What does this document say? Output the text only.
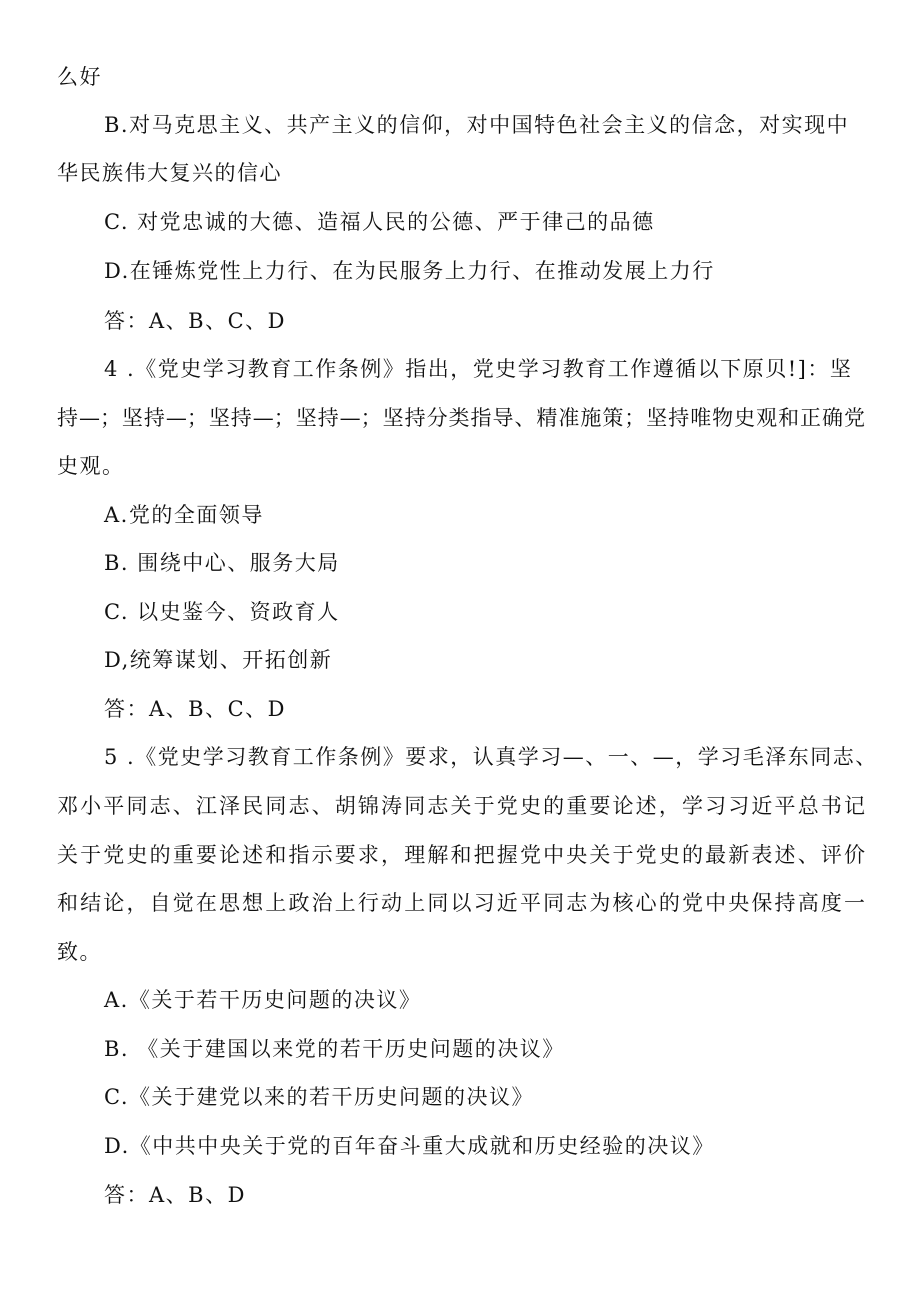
么好
B.对马克思主义、共产主义的信仰，对中国特色社会主义的信念，对实现中
华民族伟大复兴的信心
C. 对党忠诚的大德、造福人民的公德、严于律己的品德
D.在锤炼党性上力行、在为民服务上力行、在推动发展上力行
答：A、B、C、D
4 .《党史学习教育工作条例》指出，党史学习教育工作遵循以下原贝!]：坚
持—；坚持—；坚持—；坚持—；坚持分类指导、精准施策；坚持唯物史观和正确党
史观。
A.党的全面领导
B. 围绕中心、服务大局
C. 以史鉴今、资政育人
D,统筹谋划、开拓创新
答：A、B、C、D
5 .《党史学习教育工作条例》要求，认真学习—、一、—，学习毛泽东同志、
邓小平同志、江泽民同志、胡锦涛同志关于党史的重要论述，学习习近平总书记
关于党史的重要论述和指示要求，理解和把握党中央关于党史的最新表述、评价
和结论，自觉在思想上政治上行动上同以习近平同志为核心的党中央保持高度一
致。
A.《关于若干历史问题的决议》
B. 《关于建国以来党的若干历史问题的决议》
C.《关于建党以来的若干历史问题的决议》
D.《中共中央关于党的百年奋斗重大成就和历史经验的决议》
答：A、B、D
